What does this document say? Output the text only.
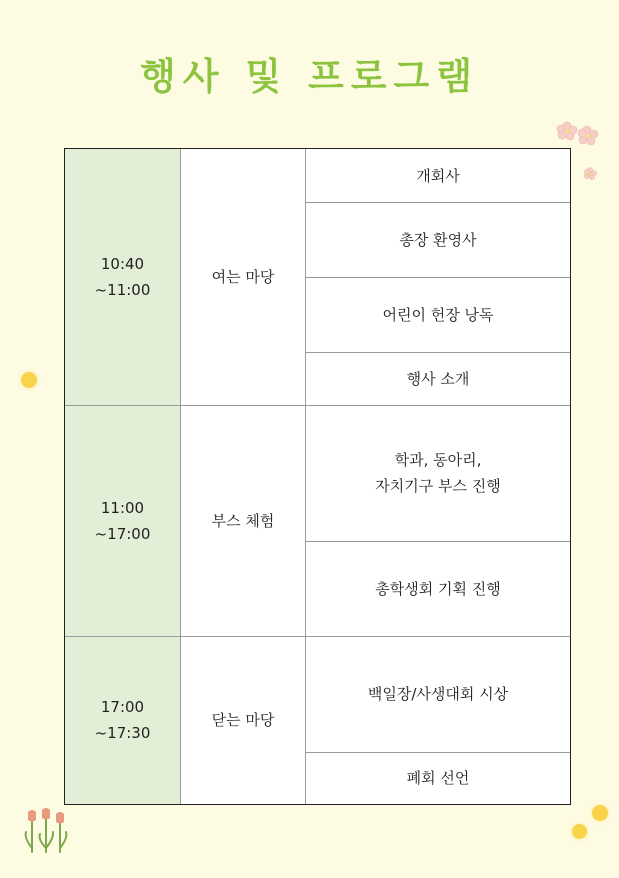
행사 및 프로그램
10:40
~11:00
여는 마당
개회사
총장 환영사
어린이 헌장 낭독
행사 소개
11:00
~17:00
부스 체험
학과, 동아리,
자치기구 부스 진행
총학생회 기획 진행
17:00
~17:30
닫는 마당
백일장/사생대회 시상
폐회 선언
